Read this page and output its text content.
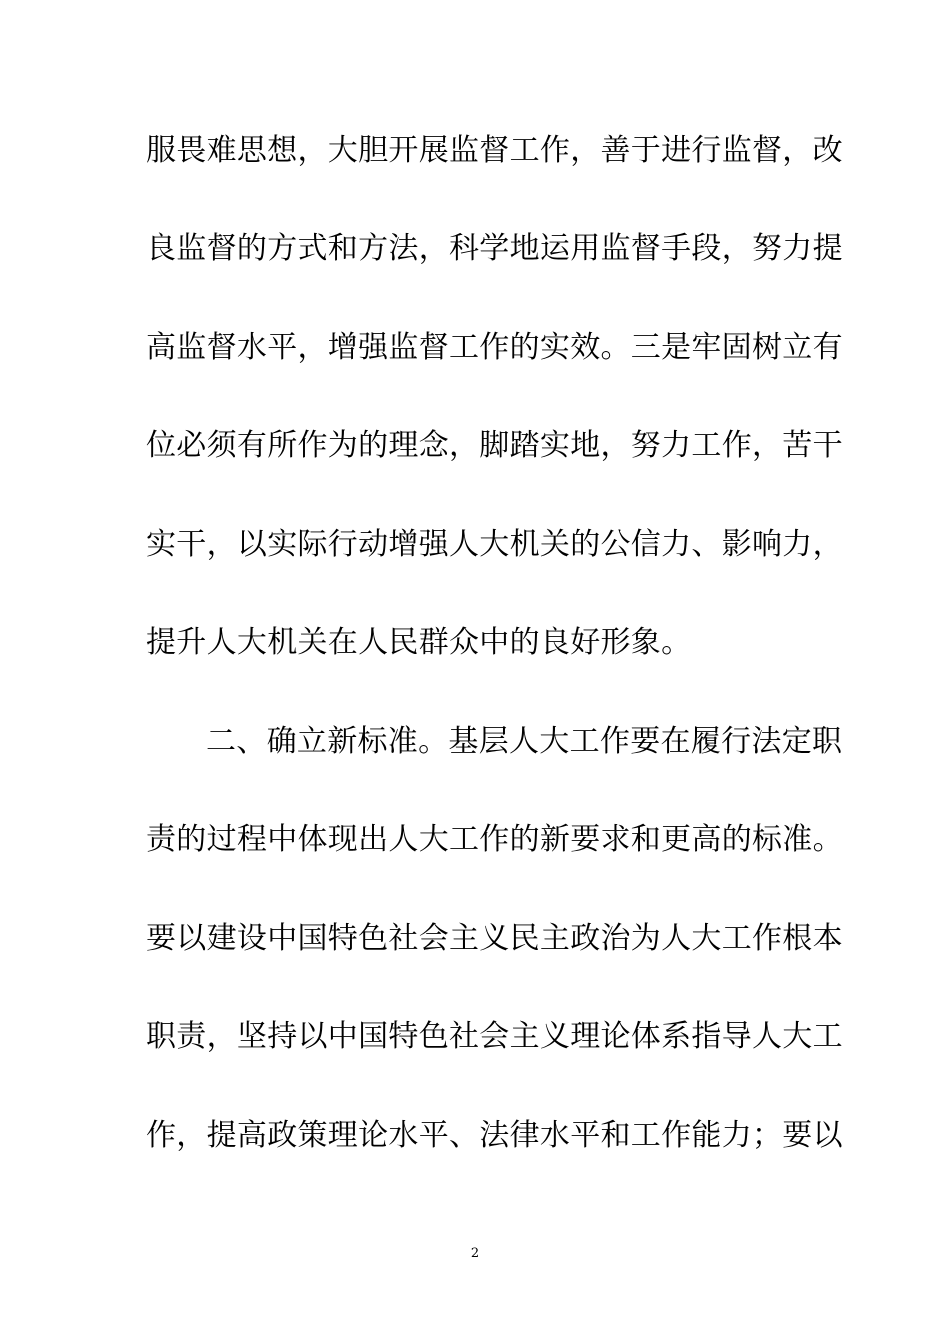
服畏难思想，大胆开展监督工作，善于进行监督，改
良监督的方式和方法，科学地运用监督手段，努力提
高监督水平，增强监督工作的实效。三是牢固树立有
位必须有所作为的理念，脚踏实地，努力工作，苦干
实干，以实际行动增强人大机关的公信力、影响力，
提升人大机关在人民群众中的良好形象。
二、确立新标准。基层人大工作要在履行法定职
责的过程中体现出人大工作的新要求和更高的标准。
要以建设中国特色社会主义民主政治为人大工作根本
职责，坚持以中国特色社会主义理论体系指导人大工
作，提高政策理论水平、法律水平和工作能力；要以
2
